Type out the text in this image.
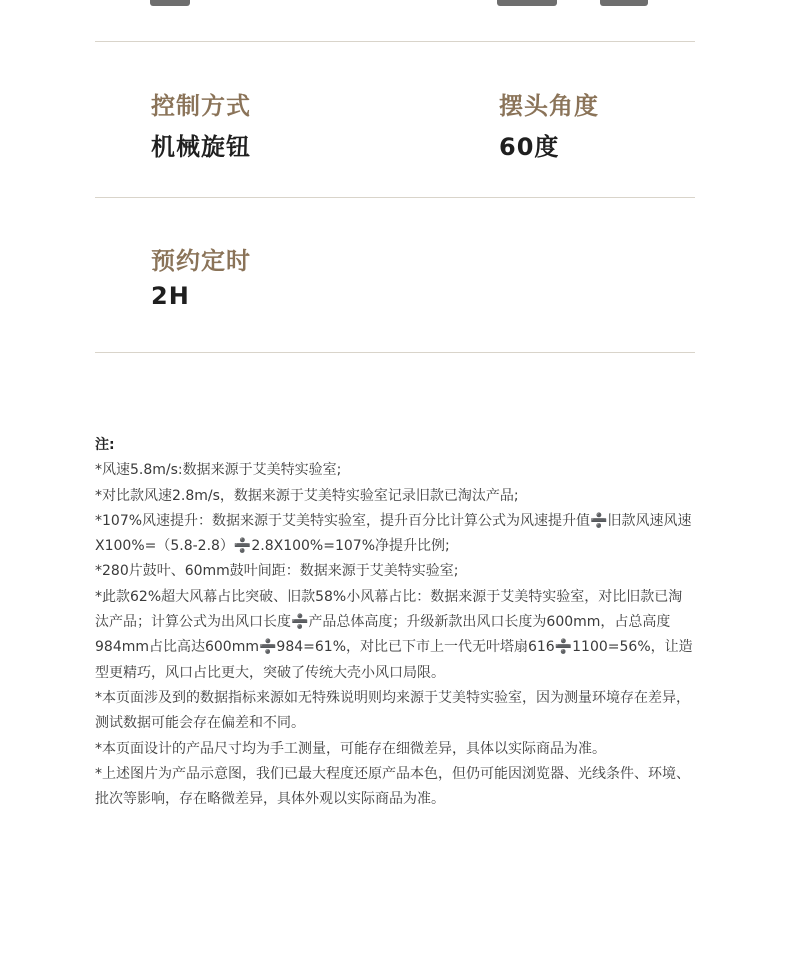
控制方式
机械旋钮
摆头角度
60度
预约定时
2H

注:

*风速5.8m/s:数据来源于艾美特实验室;

*对比款风速2.8m/s，数据来源于艾美特实验室记录旧款已淘汰产品;

*107%风速提升：数据来源于艾美特实验室，提升百分比计算公式为风速提升值➗旧款风速风速X100%=（5.8-2.8）➗2.8X100%=107%净提升比例;

*280片鼓叶、60mm鼓叶间距：数据来源于艾美特实验室;

*此款62%超大风幕占比突破、旧款58%小风幕占比：数据来源于艾美特实验室，对比旧款已淘汰产品；计算公式为出风口长度➗产品总体高度；升级新款出风口长度为600mm，占总高度984mm占比高达600mm➗984=61%，对比已下市上一代无叶塔扇616➗1100=56%，让造型更精巧，风口占比更大，突破了传统大壳小风口局限。

*本页面涉及到的数据指标来源如无特殊说明则均来源于艾美特实验室，因为测量环境存在差异，测试数据可能会存在偏差和不同。

*本页面设计的产品尺寸均为手工测量，可能存在细微差异，具体以实际商品为准。

*上述图片为产品示意图，我们已最大程度还原产品本色，但仍可能因浏览器、光线条件、环境、批次等影响，存在略微差异，具体外观以实际商品为准。
